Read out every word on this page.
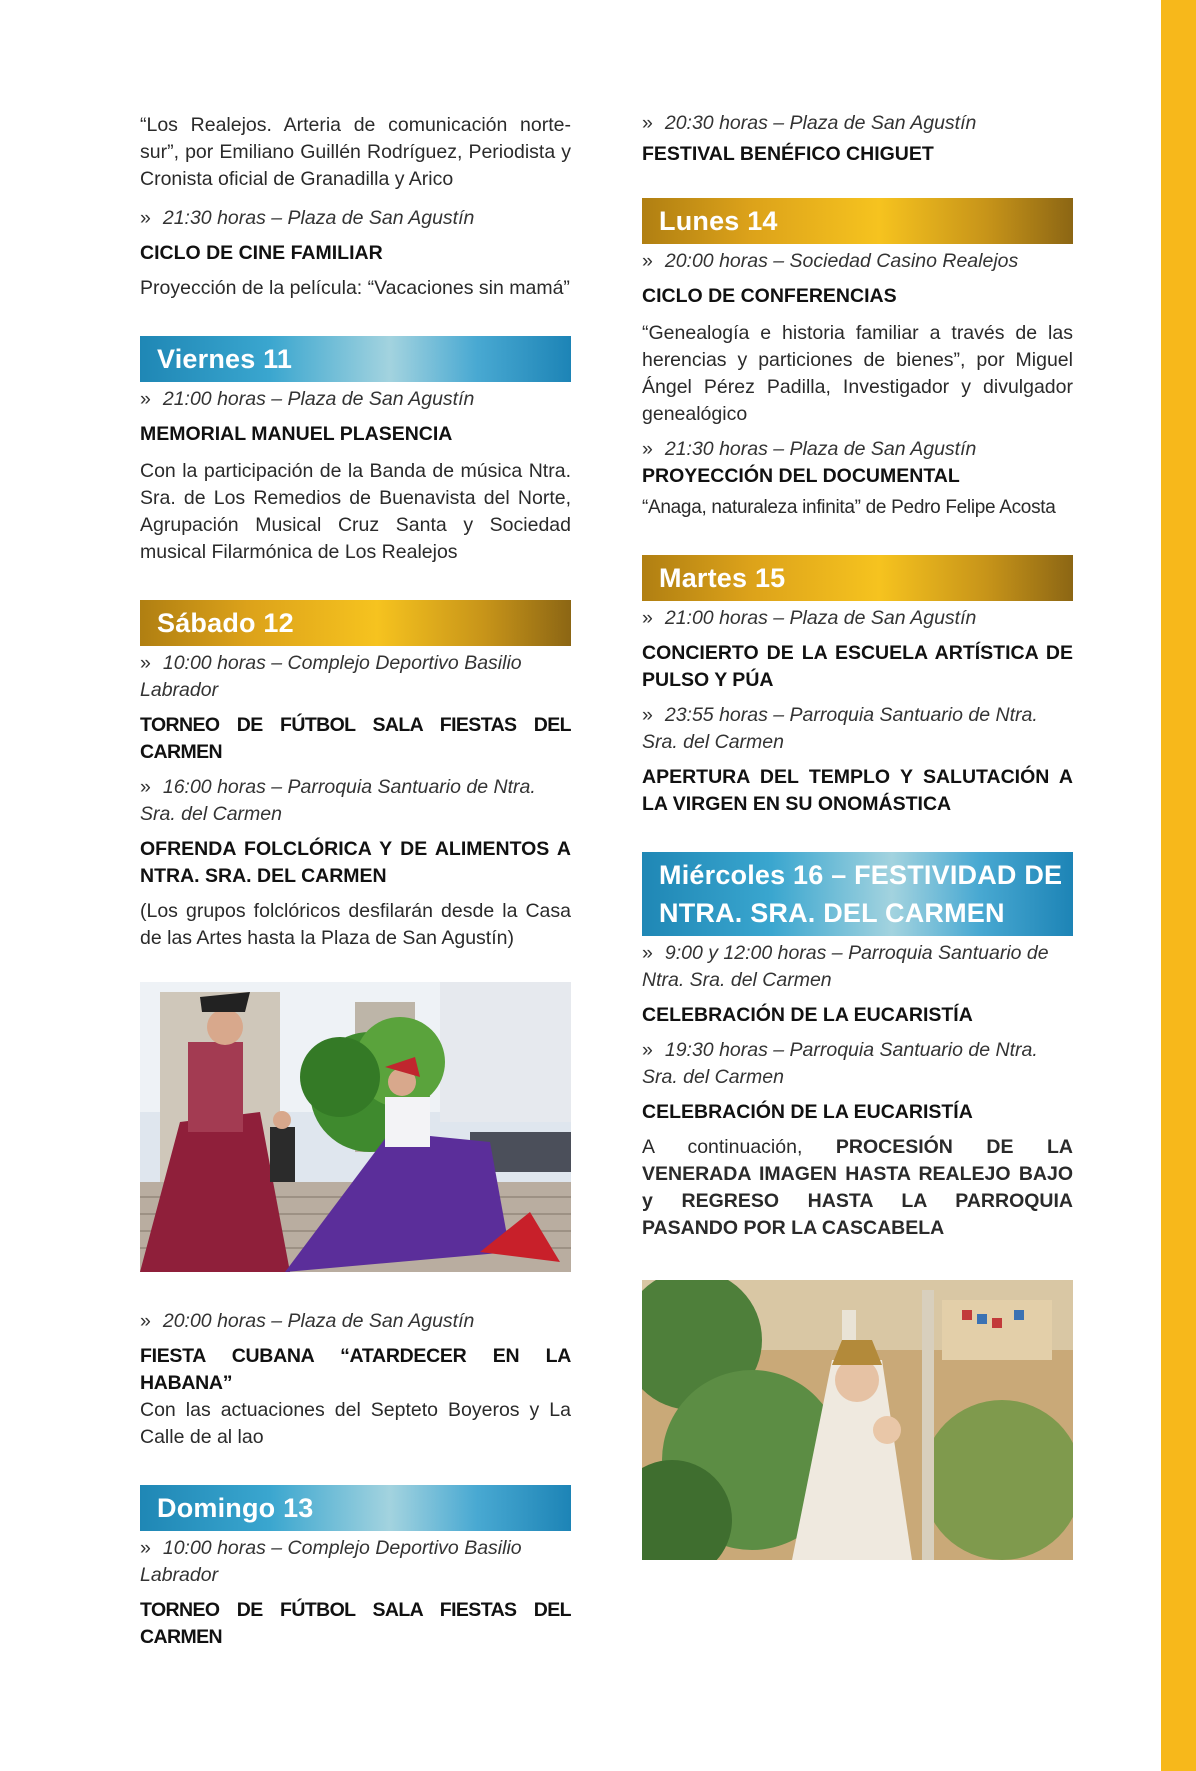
“Los Realejos. Arteria de comunicación norte-sur”, por Emiliano Guillén Rodríguez, Periodista y Cronista oficial de Granadilla y Arico

» 21:30 horas – Plaza de San Agustín

CICLO DE CINE FAMILIAR

Proyección de la película: “Vacaciones sin mamá”

Viernes 11

» 21:00 horas – Plaza de San Agustín

MEMORIAL MANUEL PLASENCIA

Con la participación de la Banda de música Ntra. Sra. de Los Remedios de Buenavista del Norte, Agrupación Musical Cruz Santa y Sociedad musical Filarmónica de Los Realejos

Sábado 12

» 10:00 horas – Complejo Deportivo Basilio Labrador

TORNEO DE FÚTBOL SALA FIESTAS DEL CARMEN

» 16:00 horas – Parroquia Santuario de Ntra. Sra. del Carmen

OFRENDA FOLCLÓRICA Y DE ALIMENTOS A NTRA. SRA. DEL CARMEN

(Los grupos folclóricos desfilarán desde la Casa de las Artes hasta la Plaza de San Agustín)

» 20:00 horas – Plaza de San Agustín

FIESTA CUBANA “ATARDECER EN LA HABANA”

Con las actuaciones del Septeto Boyeros y La Calle de al lao

Domingo 13

» 10:00 horas – Complejo Deportivo Basilio Labrador

TORNEO DE FÚTBOL SALA FIESTAS DEL CARMEN

» 20:30 horas – Plaza de San Agustín

FESTIVAL BENÉFICO CHIGUET

Lunes 14

» 20:00 horas – Sociedad Casino Realejos

CICLO DE CONFERENCIAS

“Genealogía e historia familiar a través de las herencias y particiones de bienes”, por Miguel Ángel Pérez Padilla, Investigador y divulgador genealógico

» 21:30 horas – Plaza de San Agustín

PROYECCIÓN DEL DOCUMENTAL

“Anaga, naturaleza infinita” de Pedro Felipe Acosta

Martes 15

» 21:00 horas – Plaza de San Agustín

CONCIERTO DE LA ESCUELA ARTÍSTICA DE PULSO Y PÚA

» 23:55 horas – Parroquia Santuario de Ntra. Sra. del Carmen

APERTURA DEL TEMPLO Y SALUTACIÓN A LA VIRGEN EN SU ONOMÁSTICA

Miércoles 16 – FESTIVIDAD DE NTRA. SRA. DEL CARMEN

» 9:00 y 12:00 horas – Parroquia Santuario de Ntra. Sra. del Carmen

CELEBRACIÓN DE LA EUCARISTÍA

» 19:30 horas – Parroquia Santuario de Ntra. Sra. del Carmen

CELEBRACIÓN DE LA EUCARISTÍA

A continuación, PROCESIÓN DE LA VENERADA IMAGEN HASTA REALEJO BAJO y REGRESO HASTA LA PARROQUIA PASANDO POR LA CASCABELA
